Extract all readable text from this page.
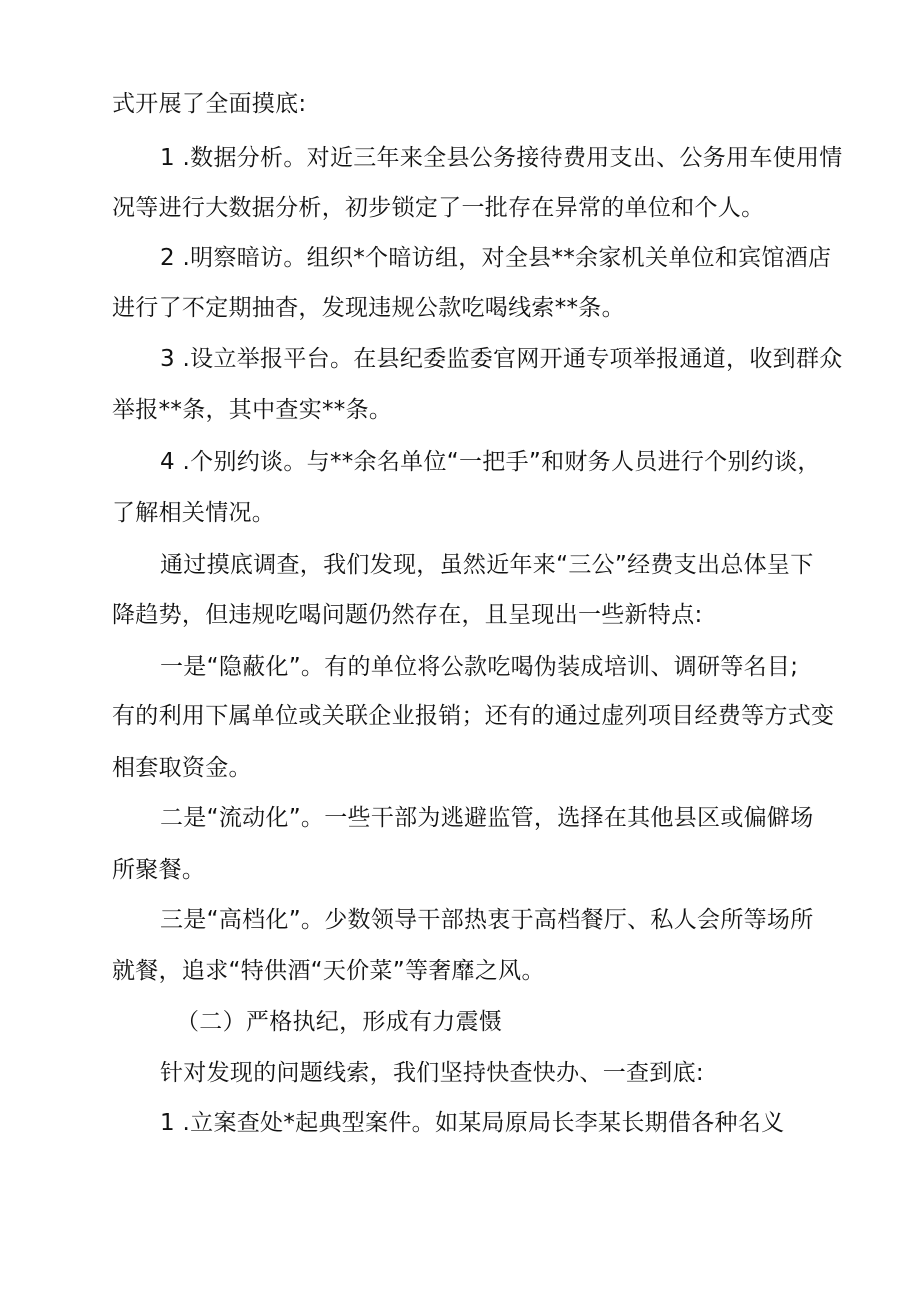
式开展了全面摸底:
1 .数据分析。对近三年来全县公务接待费用支出、公务用车使用情
况等进行大数据分析，初步锁定了一批存在异常的单位和个人。
2 .明察暗访。组织*个暗访组，对全县**余家机关单位和宾馆酒店
进行了不定期抽杳，发现违规公款吃喝线索**条。
3 .设立举报平台。在县纪委监委官网开通专项举报通道，收到群众
举报**条，其中查实**条。
4 .个别约谈。与**余名单位“一把手”和财务人员进行个别约谈，
了解相关情况。
通过摸底调查，我们发现，虽然近年来“三公”经费支出总体呈下
降趋势，但违规吃喝问题仍然存在，且呈现出一些新特点:
一是“隐蔽化”。有的单位将公款吃喝伪装成培训、调研等名目;
有的利用下属单位或关联企业报销；还有的通过虚列项目经费等方式变
相套取资金。
二是“流动化”。一些干部为逃避监管，选择在其他县区或偏僻场
所聚餐。
三是“高档化”。少数领导干部热衷于高档餐厅、私人会所等场所
就餐，追求“特供酒“天价菜”等奢靡之风。
（二）严格执纪，形成有力震慑
针对发现的问题线索，我们坚持快查快办、一查到底:
1 .立案查处*起典型案件。如某局原局长李某长期借各种名义
